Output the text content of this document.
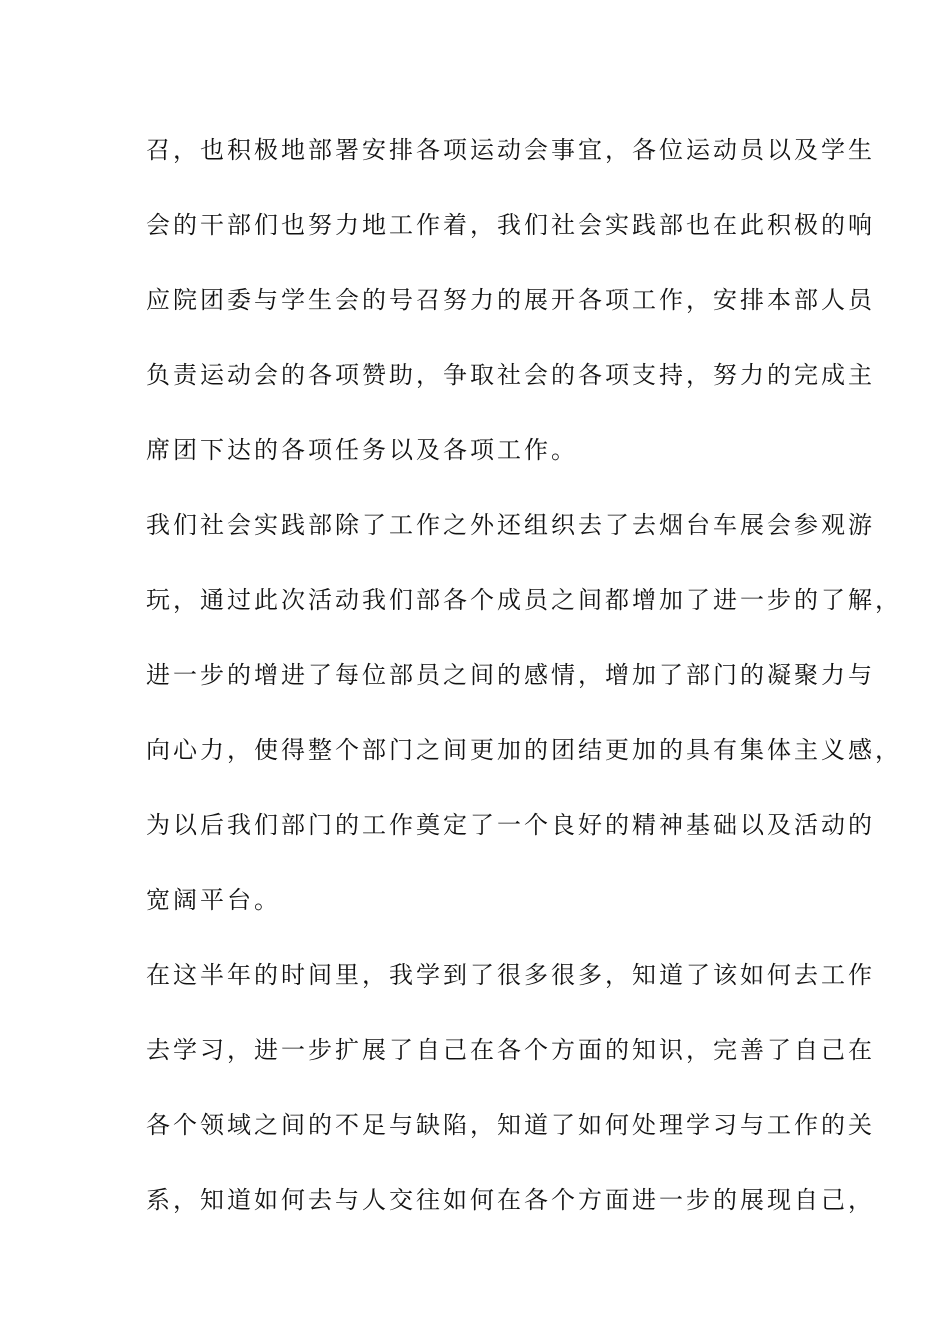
召，也积极地部署安排各项运动会事宜，各位运动员以及学生
会的干部们也努力地工作着，我们社会实践部也在此积极的响
应院团委与学生会的号召努力的展开各项工作，安排本部人员
负责运动会的各项赞助，争取社会的各项支持，努力的完成主
席团下达的各项任务以及各项工作。
我们社会实践部除了工作之外还组织去了去烟台车展会参观游
玩，通过此次活动我们部各个成员之间都增加了进一步的了解，
进一步的增进了每位部员之间的感情，增加了部门的凝聚力与
向心力，使得整个部门之间更加的团结更加的具有集体主义感，
为以后我们部门的工作奠定了一个良好的精神基础以及活动的
宽阔平台。
在这半年的时间里，我学到了很多很多，知道了该如何去工作
去学习，进一步扩展了自己在各个方面的知识，完善了自己在
各个领域之间的不足与缺陷，知道了如何处理学习与工作的关
系，知道如何去与人交往如何在各个方面进一步的展现自己，
